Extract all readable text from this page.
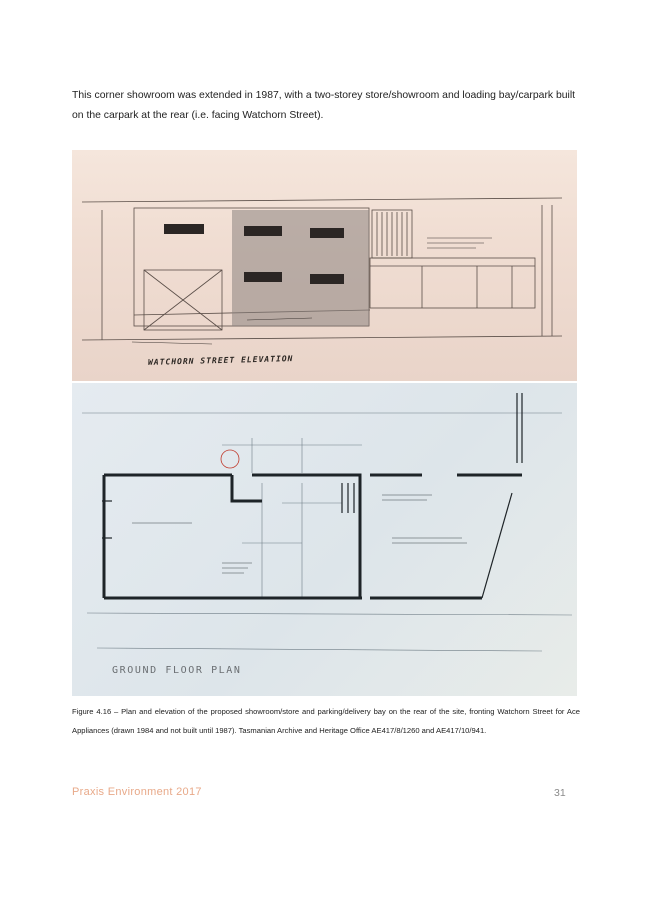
This corner showroom was extended in 1987, with a two-storey store/showroom and loading bay/carpark built on the carpark at the rear (i.e. facing Watchorn Street).
WATCHORN STREET ELEVATION
GROUND FLOOR PLAN
Figure 4.16 – Plan and elevation of the proposed showroom/store and parking/delivery bay on the rear of the site, fronting Watchorn Street for Ace Appliances (drawn 1984 and not built until 1987). Tasmanian Archive and Heritage Office AE417/8/1260 and AE417/10/941.
Praxis Environment 2017	31
